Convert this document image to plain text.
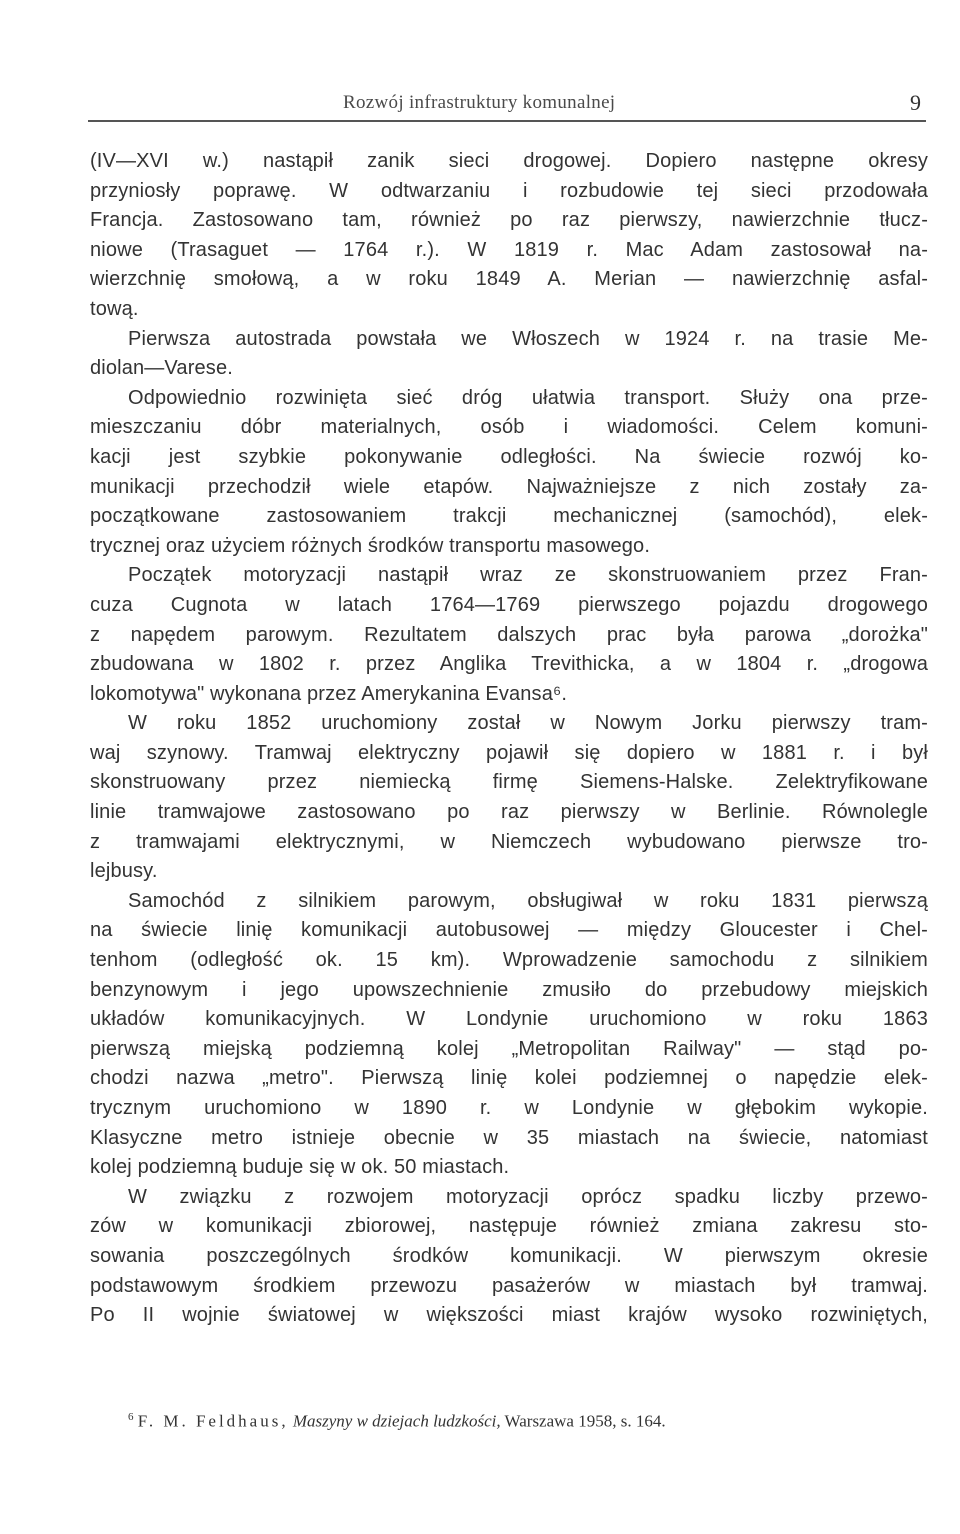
Rozwój infrastruktury komunalnej	9
(IV—XVI w.) nastąpił zanik sieci drogowej. Dopiero następne okresy
przyniosły poprawę. W odtwarzaniu i rozbudowie tej sieci przodowała
Francja. Zastosowano tam, również po raz pierwszy, nawierzchnie tłucz-
niowe (Trasaguet — 1764 r.). W 1819 r. Mac Adam zastosował na-
wierzchnię smołową, a w roku 1849 A. Merian — nawierzchnię asfal-
tową.
Pierwsza autostrada powstała we Włoszech w 1924 r. na trasie Me-
diolan—Varese.
Odpowiednio rozwinięta sieć dróg ułatwia transport. Służy ona prze-
mieszczaniu dóbr materialnych, osób i wiadomości. Celem komuni-
kacji jest szybkie pokonywanie odległości. Na świecie rozwój ko-
munikacji przechodził wiele etapów. Najważniejsze z nich zostały za-
początkowane zastosowaniem trakcji mechanicznej (samochód), elek-
trycznej oraz użyciem różnych środków transportu masowego.
Początek motoryzacji nastąpił wraz ze skonstruowaniem przez Fran-
cuza Cugnota w latach 1764—1769 pierwszego pojazdu drogowego
z napędem parowym. Rezultatem dalszych prac była parowa „dorożka"
zbudowana w 1802 r. przez Anglika Trevithicka, a w 1804 r. „drogowa
lokomotywa" wykonana przez Amerykanina Evansa⁶.
W roku 1852 uruchomiony został w Nowym Jorku pierwszy tram-
waj szynowy. Tramwaj elektryczny pojawił się dopiero w 1881 r. i był
skonstruowany przez niemiecką firmę Siemens-Halske. Zelektryfikowane
linie tramwajowe zastosowano po raz pierwszy w Berlinie. Równolegle
z tramwajami elektrycznymi, w Niemczech wybudowano pierwsze tro-
lejbusy.
Samochód z silnikiem parowym, obsługiwał w roku 1831 pierwszą
na świecie linię komunikacji autobusowej — między Gloucester i Chel-
tenhom (odległość ok. 15 km). Wprowadzenie samochodu z silnikiem
benzynowym i jego upowszechnienie zmusiło do przebudowy miejskich
układów komunikacyjnych. W Londynie uruchomiono w roku 1863
pierwszą miejską podziemną kolej „Metropolitan Railway" — stąd po-
chodzi nazwa „metro". Pierwszą linię kolei podziemnej o napędzie elek-
trycznym uruchomiono w 1890 r. w Londynie w głębokim wykopie.
Klasyczne metro istnieje obecnie w 35 miastach na świecie, natomiast
kolej podziemną buduje się w ok. 50 miastach.
W związku z rozwojem motoryzacji oprócz spadku liczby przewo-
zów w komunikacji zbiorowej, następuje również zmiana zakresu sto-
sowania poszczególnych środków komunikacji. W pierwszym okresie
podstawowym środkiem przewozu pasażerów w miastach był tramwaj.
Po II wojnie światowej w większości miast krajów wysoko rozwiniętych,
$^6$ F. M. Feldhaus, Maszyny w dziejach ludzkości, Warszawa 1958, s. 164.
